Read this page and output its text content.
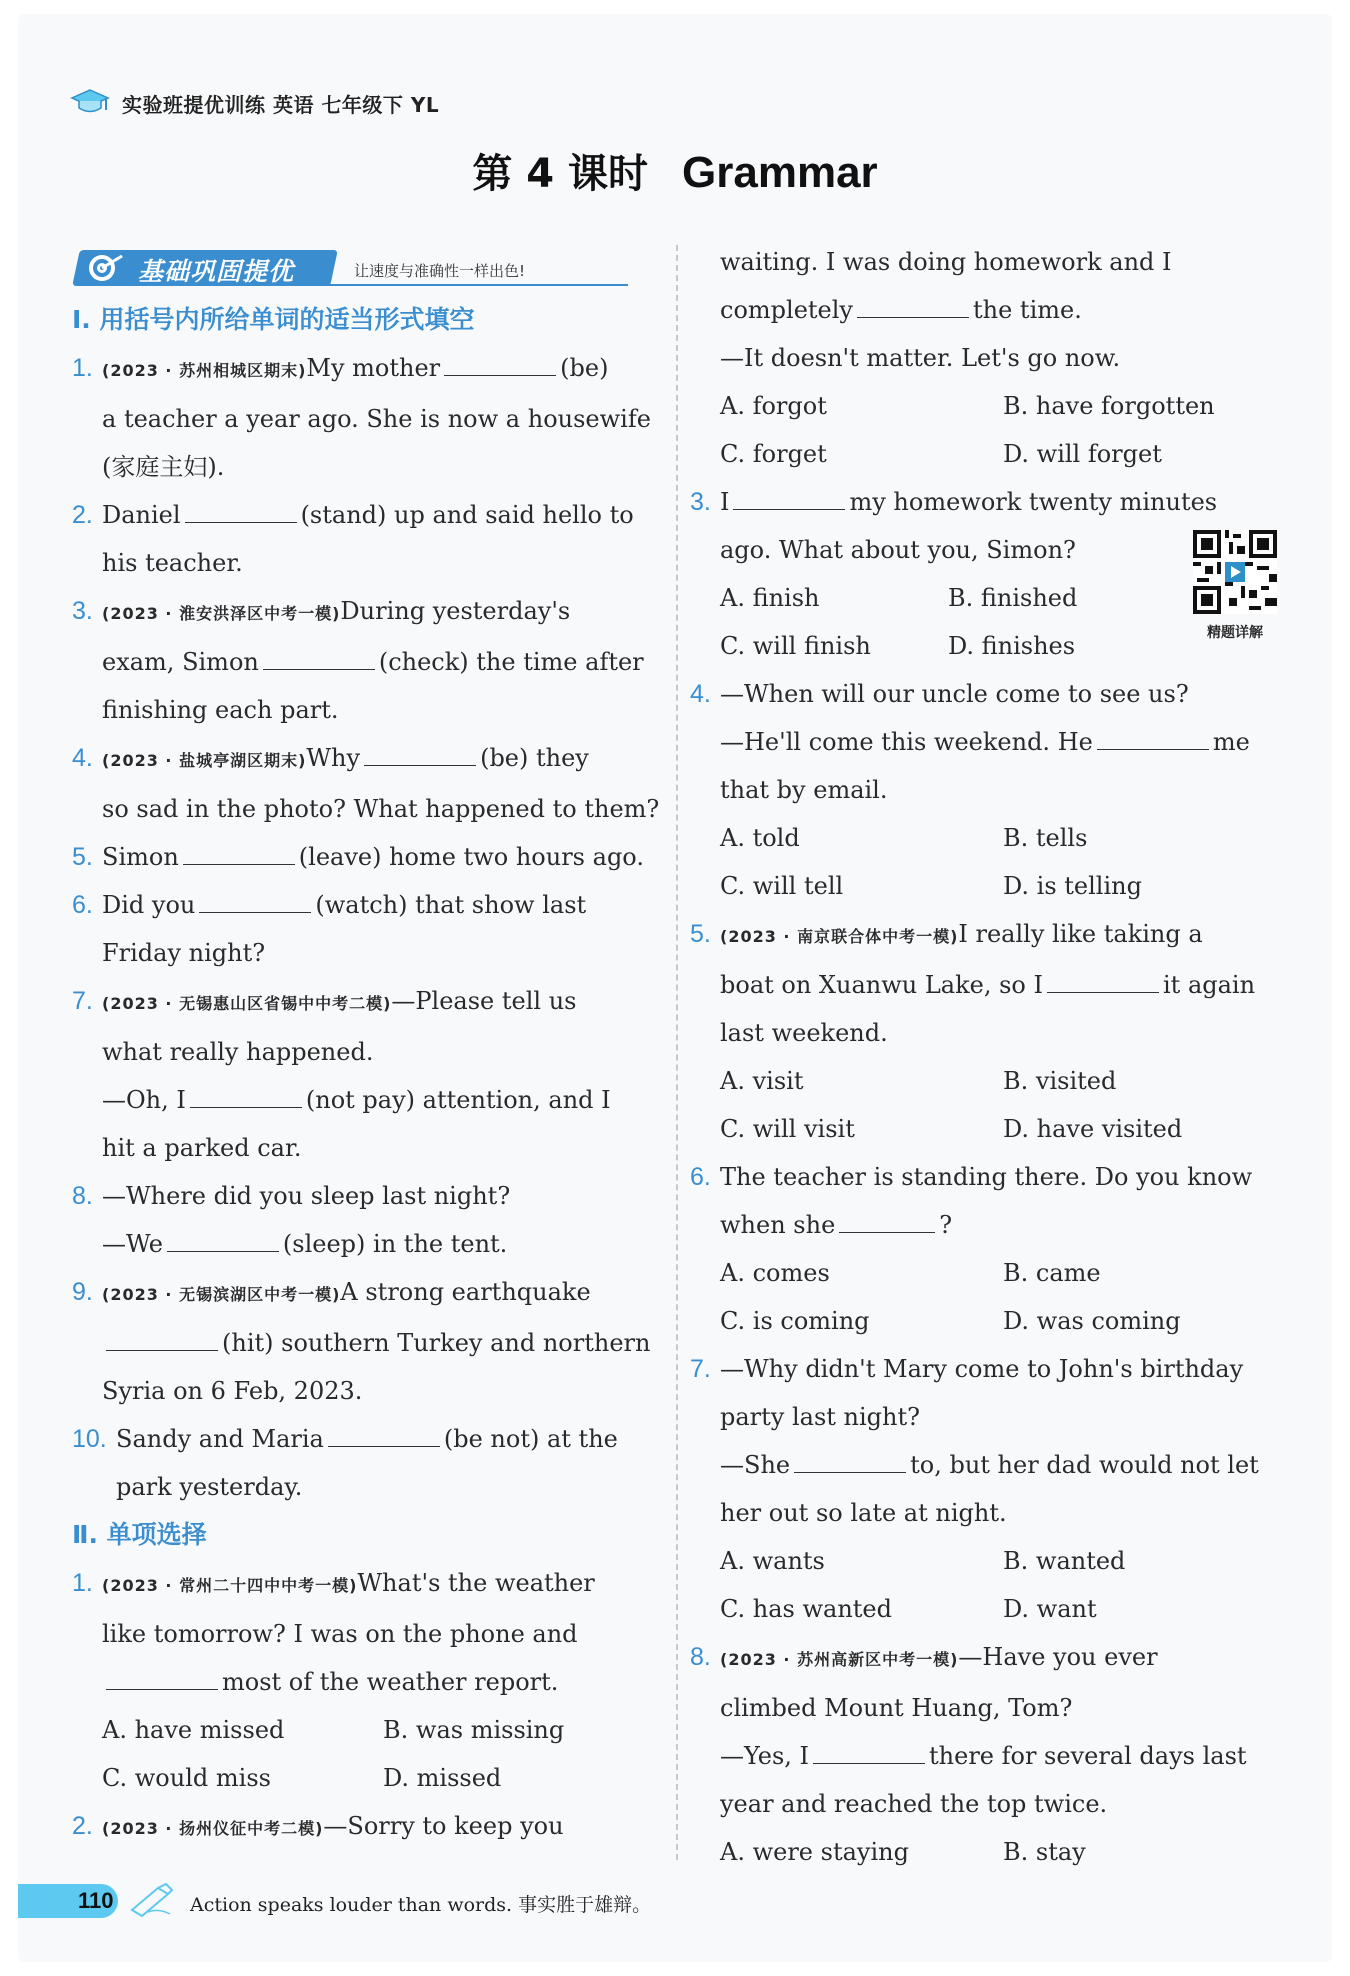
实验班提优训练 英语 七年级下 YL
第 4 课时 Grammar
基础巩固提优	让速度与准确性一样出色!
Ⅰ. 用括号内所给单词的适当形式填空
1. (2023 · 苏州相城区期末)My mother	(be)
a teacher a year ago. She is now a housewife
(家庭主妇).
2. Daniel	(stand) up and said hello to
his teacher.
3. (2023 · 淮安洪泽区中考一模)During yesterday's
exam, Simon	(check) the time after
finishing each part.
4. (2023 · 盐城亭湖区期末)Why	(be) they
so sad in the photo? What happened to them?
5. Simon	(leave) home two hours ago.
6. Did you	(watch) that show last
Friday night?
7. (2023 · 无锡惠山区省锡中中考二模)—Please tell us
what really happened.
—Oh, I	(not pay) attention, and I
hit a parked car.
8. —Where did you sleep last night?
—We	(sleep) in the tent.
9. (2023 · 无锡滨湖区中考一模)A strong earthquake
(hit) southern Turkey and northern
Syria on 6 Feb, 2023.
10. Sandy and Maria	(be not) at the
park yesterday.
Ⅱ. 单项选择
1. (2023 · 常州二十四中中考一模)What's the weather
like tomorrow? I was on the phone and
most of the weather report.
A. have missed	B. was missing
C. would miss	D. missed
2. (2023 · 扬州仪征中考二模)—Sorry to keep you
waiting. I was doing homework and I
completely	the time.
—It doesn't matter. Let's go now.
A. forgot	B. have forgotten
C. forget	D. will forget
3. I	my homework twenty minutes
ago. What about you, Simon?
A. finish	B. finished
C. will finish	D. finishes
4. —When will our uncle come to see us?
—He'll come this weekend. He	me
that by email.
A. told	B. tells
C. will tell	D. is telling
5. (2023 · 南京联合体中考一模)I really like taking a
boat on Xuanwu Lake, so I	it again
last weekend.
A. visit	B. visited
C. will visit	D. have visited
6. The teacher is standing there. Do you know
when she	?
A. comes	B. came
C. is coming	D. was coming
7. —Why didn't Mary come to John's birthday
party last night?
—She	to, but her dad would not let
her out so late at night.
A. wants	B. wanted
C. has wanted	D. want
8. (2023 · 苏州高新区中考一模)—Have you ever
climbed Mount Huang, Tom?
—Yes, I	there for several days last
year and reached the top twice.
A. were staying	B. stay
精题详解
110	Action speaks louder than words. 事实胜于雄辩。
